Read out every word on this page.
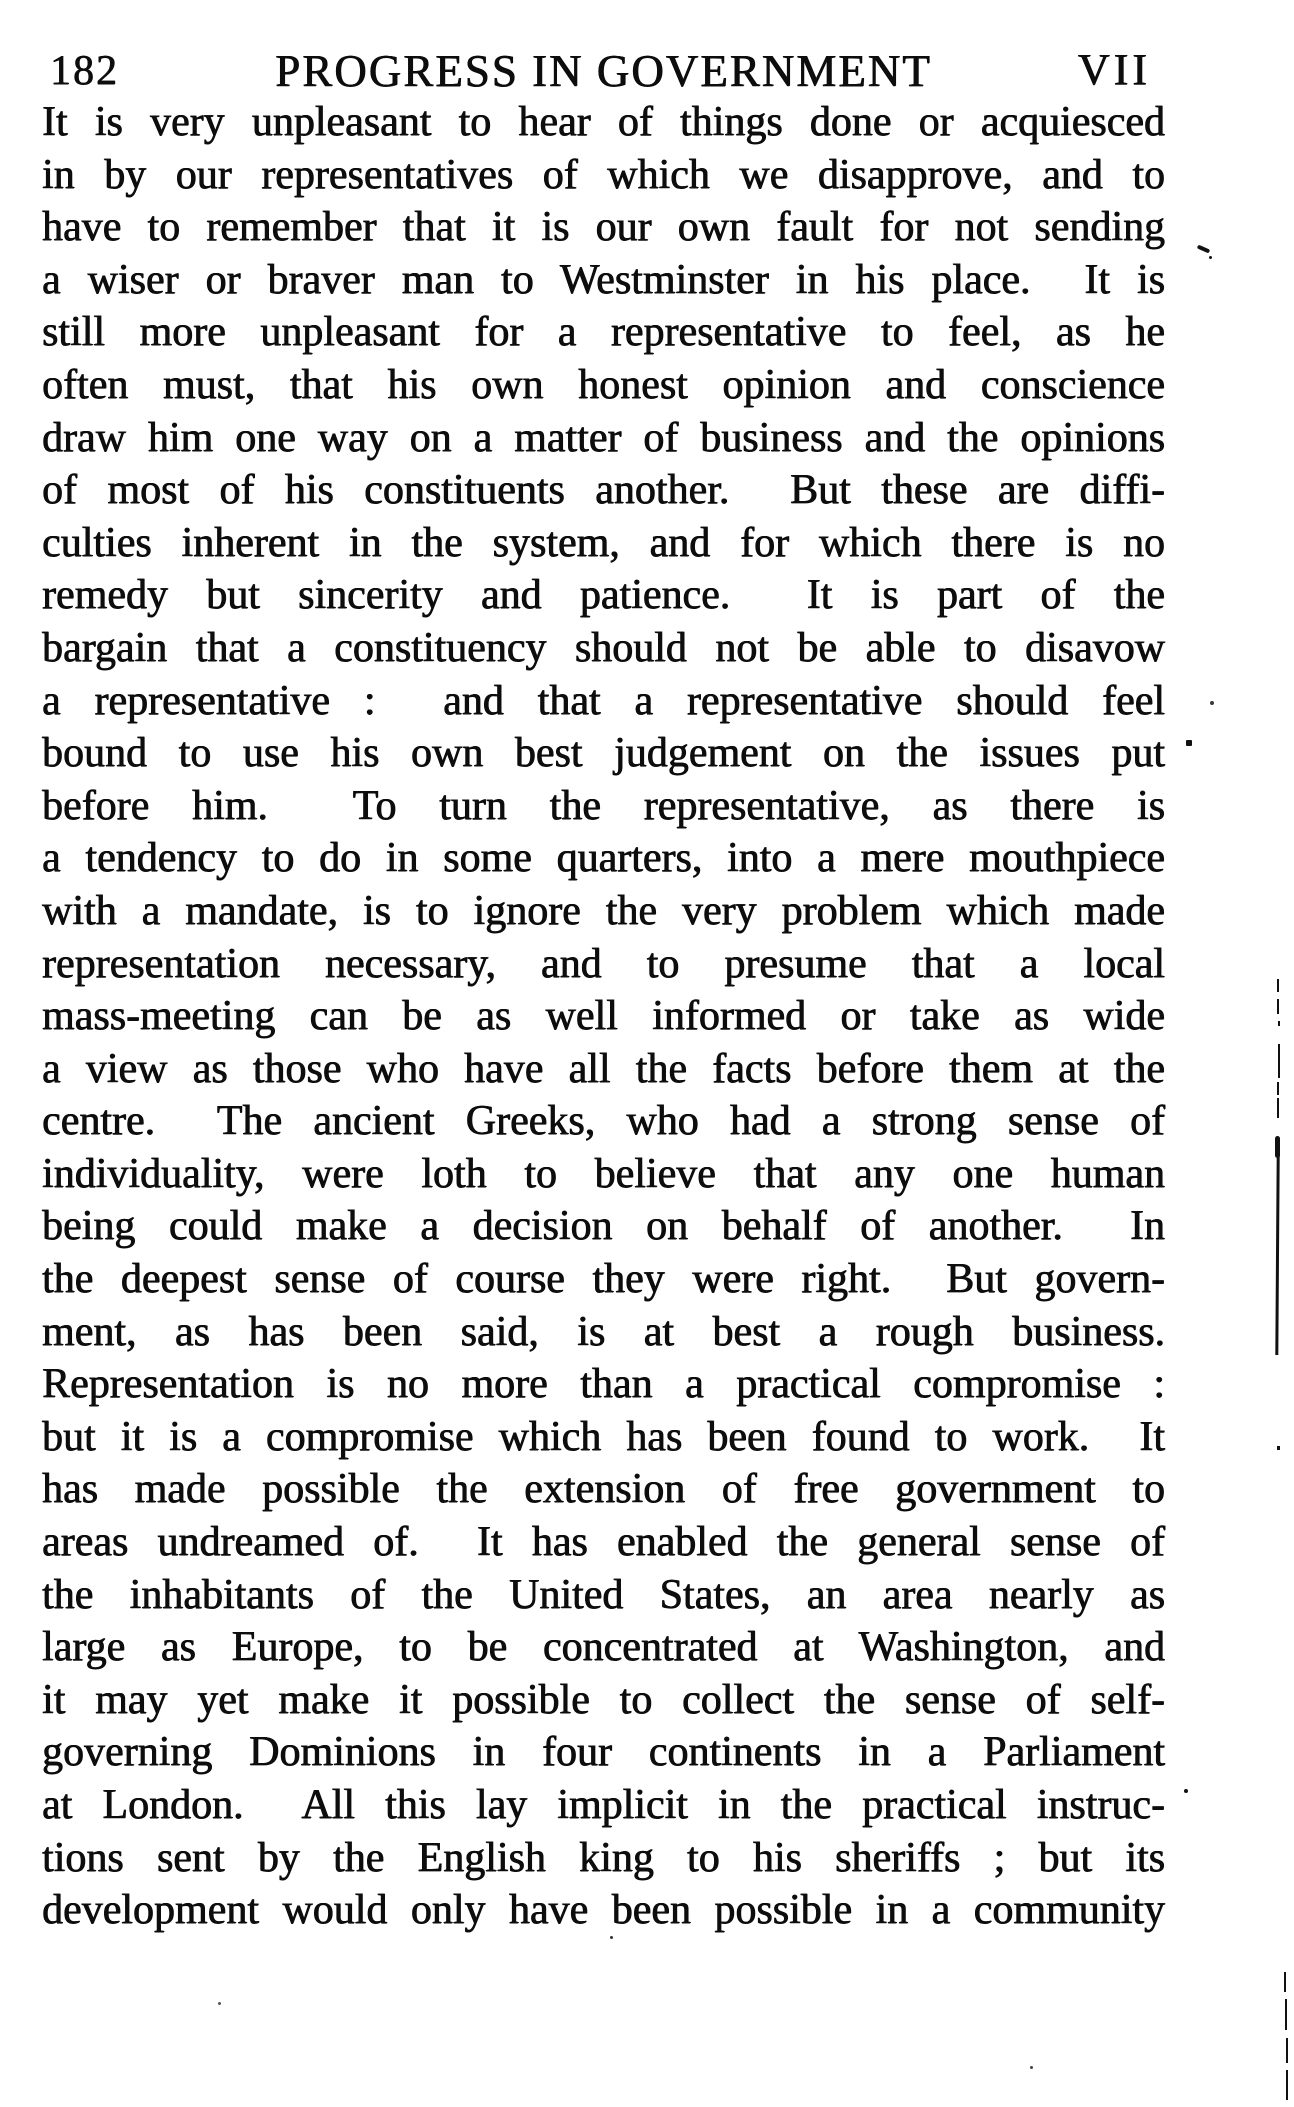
182	PROGRESS IN GOVERNMENT	VII
It is very unpleasant to hear of things done or acquiesced
in by our representatives of which we disapprove, and to
have to remember that it is our own fault for not sending
a wiser or braver man to Westminster in his place.  It is
still more unpleasant for a representative to feel, as he
often must, that his own honest opinion and conscience
draw him one way on a matter of business and the opinions
of most of his constituents another.  But these are diffi-
culties inherent in the system, and for which there is no
remedy but sincerity and patience.  It is part of the
bargain that a constituency should not be able to disavow
a representative :  and that a representative should feel
bound to use his own best judgement on the issues put
before him.  To turn the representative, as there is
a tendency to do in some quarters, into a mere mouthpiece
with a mandate, is to ignore the very problem which made
representation necessary, and to presume that a local
mass-meeting can be as well informed or take as wide
a view as those who have all the facts before them at the
centre.  The ancient Greeks, who had a strong sense of
individuality, were loth to believe that any one human
being could make a decision on behalf of another.  In
the deepest sense of course they were right.  But govern-
ment, as has been said, is at best a rough business.
Representation is no more than a practical compromise :
but it is a compromise which has been found to work.  It
has made possible the extension of free government to
areas undreamed of.  It has enabled the general sense of
the inhabitants of the United States, an area nearly as
large as Europe, to be concentrated at Washington, and
it may yet make it possible to collect the sense of self-
governing Dominions in four continents in a Parliament
at London.  All this lay implicit in the practical instruc-
tions sent by the English king to his sheriffs ; but its
development would only have been possible in a community
